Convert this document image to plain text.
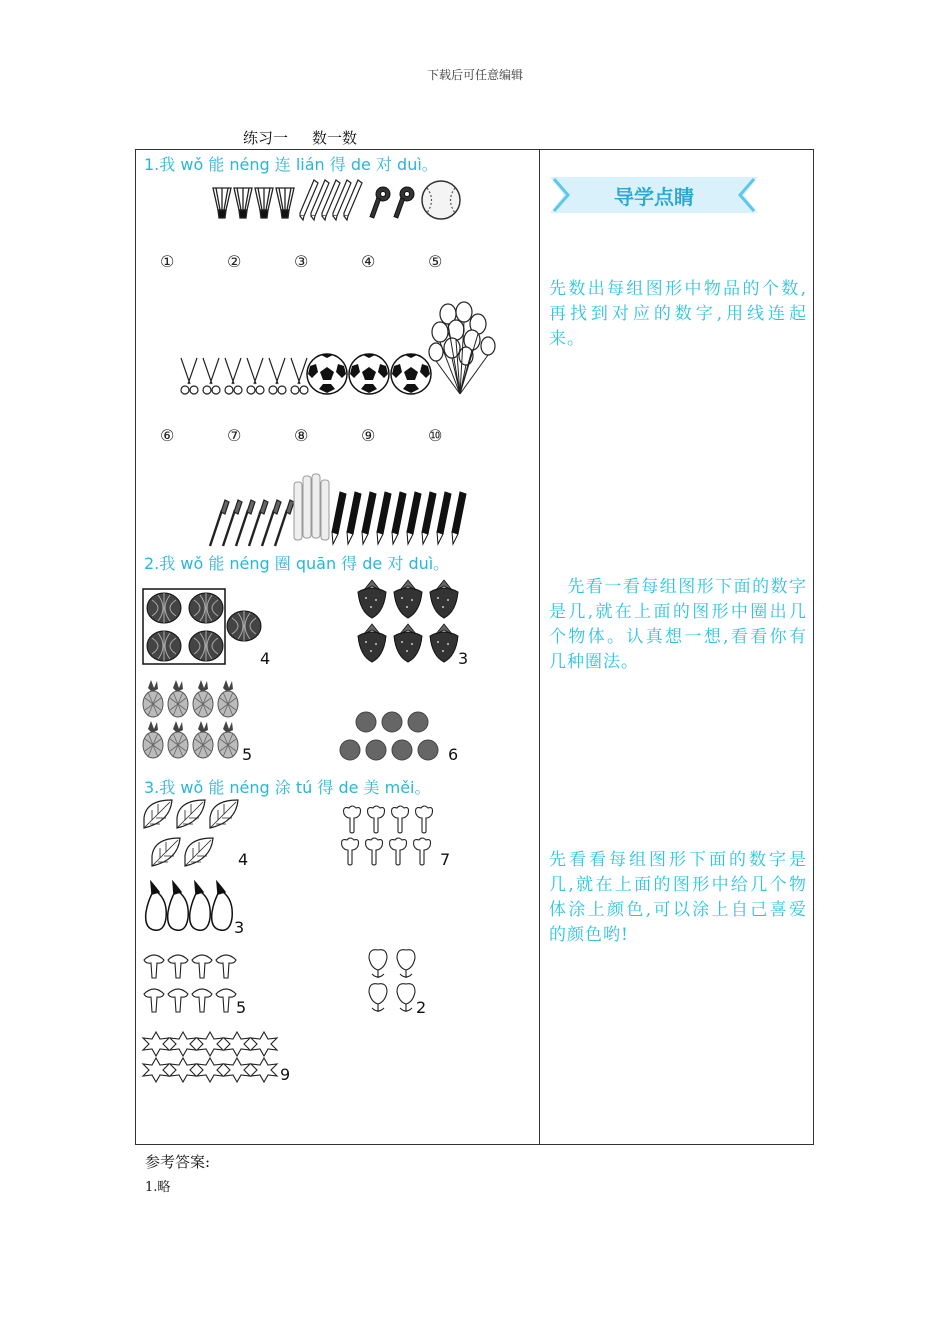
下载后可任意编辑
练习一 数一数
1.我 wǒ 能 néng 连 lián 得 de 对 duì。
①	②	③	④	⑤
⑥	⑦	⑧	⑨	⑩
2.我 wǒ 能 néng 圈 quān 得 de 对 duì。
4	3
5	6
3.我 wǒ 能 néng 涂 tú 得 de 美 měi。
4	7
3
5	2
9
导学点睛
先数出每组图形中物品的个数,再找到对应的数字,用线连起来。
　先看一看每组图形下面的数字是几,就在上面的图形中圈出几个物体。认真想一想,看看你有几种圈法。
先看看每组图形下面的数字是几,就在上面的图形中给几个物体涂上颜色,可以涂上自己喜爱的颜色哟!
参考答案:
1.略
